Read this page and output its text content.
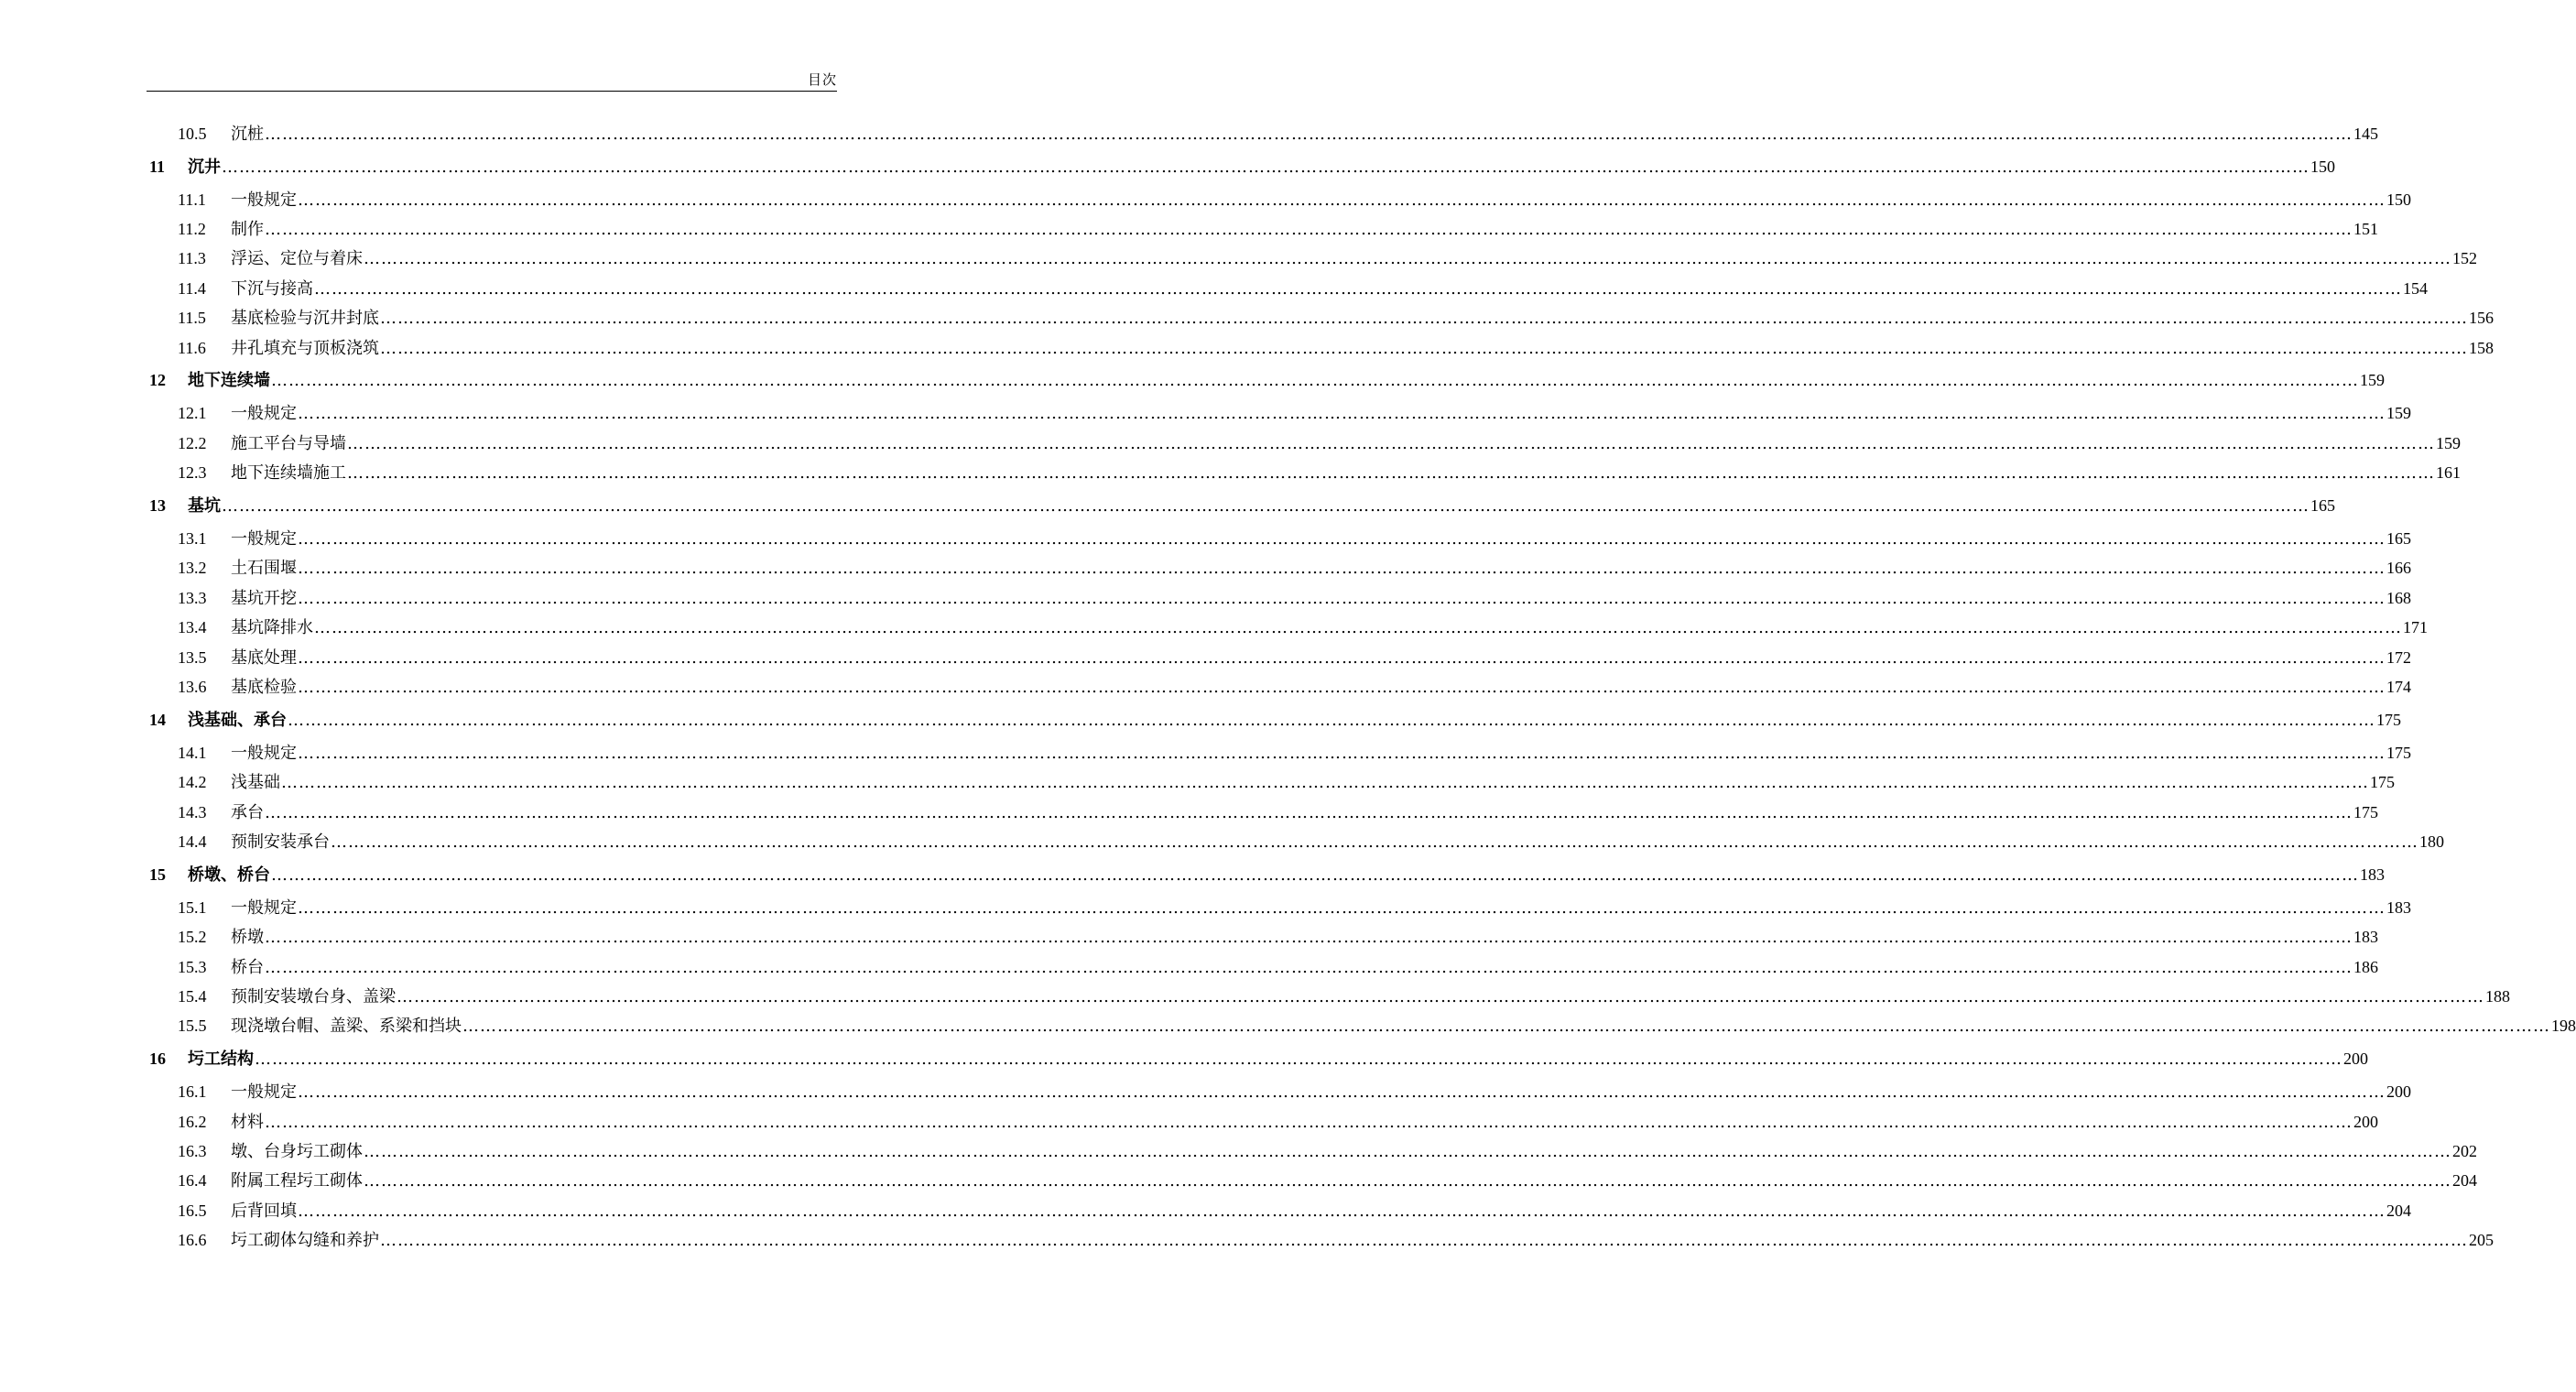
目次
10.5	沉桩 ……………………………………………………………………………………………………………………………………………………………………………………………………………………………………………………………………………………………………………………………… 145
11	沉井 ……………………………………………………………………………………………………………………………………………………………………………………………………………………………………………………………………………………………………………………………… 150
11.1	一般规定 ……………………………………………………………………………………………………………………………………………………………………………………………………………………………………………………………………………………………………………………………… 150
11.2	制作 ……………………………………………………………………………………………………………………………………………………………………………………………………………………………………………………………………………………………………………………………… 151
11.3	浮运、定位与着床 ……………………………………………………………………………………………………………………………………………………………………………………………………………………………………………………………………………………………………………………………… 152
11.4	下沉与接高 ……………………………………………………………………………………………………………………………………………………………………………………………………………………………………………………………………………………………………………………………… 154
11.5	基底检验与沉井封底 ……………………………………………………………………………………………………………………………………………………………………………………………………………………………………………………………………………………………………………………………… 156
11.6	井孔填充与顶板浇筑 ……………………………………………………………………………………………………………………………………………………………………………………………………………………………………………………………………………………………………………………………… 158
12	地下连续墙 ……………………………………………………………………………………………………………………………………………………………………………………………………………………………………………………………………………………………………………………………… 159
12.1	一般规定 ……………………………………………………………………………………………………………………………………………………………………………………………………………………………………………………………………………………………………………………………… 159
12.2	施工平台与导墙 ……………………………………………………………………………………………………………………………………………………………………………………………………………………………………………………………………………………………………………………………… 159
12.3	地下连续墙施工 ……………………………………………………………………………………………………………………………………………………………………………………………………………………………………………………………………………………………………………………………… 161
13	基坑 ……………………………………………………………………………………………………………………………………………………………………………………………………………………………………………………………………………………………………………………………… 165
13.1	一般规定 ……………………………………………………………………………………………………………………………………………………………………………………………………………………………………………………………………………………………………………………………… 165
13.2	土石围堰 ……………………………………………………………………………………………………………………………………………………………………………………………………………………………………………………………………………………………………………………………… 166
13.3	基坑开挖 ……………………………………………………………………………………………………………………………………………………………………………………………………………………………………………………………………………………………………………………………… 168
13.4	基坑降排水 ……………………………………………………………………………………………………………………………………………………………………………………………………………………………………………………………………………………………………………………………… 171
13.5	基底处理 ……………………………………………………………………………………………………………………………………………………………………………………………………………………………………………………………………………………………………………………………… 172
13.6	基底检验 ……………………………………………………………………………………………………………………………………………………………………………………………………………………………………………………………………………………………………………………………… 174
14	浅基础、承台 ……………………………………………………………………………………………………………………………………………………………………………………………………………………………………………………………………………………………………………………………… 175
14.1	一般规定 ……………………………………………………………………………………………………………………………………………………………………………………………………………………………………………………………………………………………………………………………… 175
14.2	浅基础 ……………………………………………………………………………………………………………………………………………………………………………………………………………………………………………………………………………………………………………………………… 175
14.3	承台 ……………………………………………………………………………………………………………………………………………………………………………………………………………………………………………………………………………………………………………………………… 175
14.4	预制安装承台 ……………………………………………………………………………………………………………………………………………………………………………………………………………………………………………………………………………………………………………………………… 180
15	桥墩、桥台 ……………………………………………………………………………………………………………………………………………………………………………………………………………………………………………………………………………………………………………………………… 183
15.1	一般规定 ……………………………………………………………………………………………………………………………………………………………………………………………………………………………………………………………………………………………………………………………… 183
15.2	桥墩 ……………………………………………………………………………………………………………………………………………………………………………………………………………………………………………………………………………………………………………………………… 183
15.3	桥台 ……………………………………………………………………………………………………………………………………………………………………………………………………………………………………………………………………………………………………………………………… 186
15.4	预制安装墩台身、盖梁 ……………………………………………………………………………………………………………………………………………………………………………………………………………………………………………………………………………………………………………………………… 188
15.5	现浇墩台帽、盖梁、系梁和挡块 ……………………………………………………………………………………………………………………………………………………………………………………………………………………………………………………………………………………………………………………………… 198
16	圬工结构 ……………………………………………………………………………………………………………………………………………………………………………………………………………………………………………………………………………………………………………………………… 200
16.1	一般规定 ……………………………………………………………………………………………………………………………………………………………………………………………………………………………………………………………………………………………………………………………… 200
16.2	材料 ……………………………………………………………………………………………………………………………………………………………………………………………………………………………………………………………………………………………………………………………… 200
16.3	墩、台身圬工砌体 ……………………………………………………………………………………………………………………………………………………………………………………………………………………………………………………………………………………………………………………………… 202
16.4	附属工程圬工砌体 ……………………………………………………………………………………………………………………………………………………………………………………………………………………………………………………………………………………………………………………………… 204
16.5	后背回填 ……………………………………………………………………………………………………………………………………………………………………………………………………………………………………………………………………………………………………………………………… 204
16.6	圬工砌体勾缝和养护 ……………………………………………………………………………………………………………………………………………………………………………………………………………………………………………………………………………………………………………………………… 205
